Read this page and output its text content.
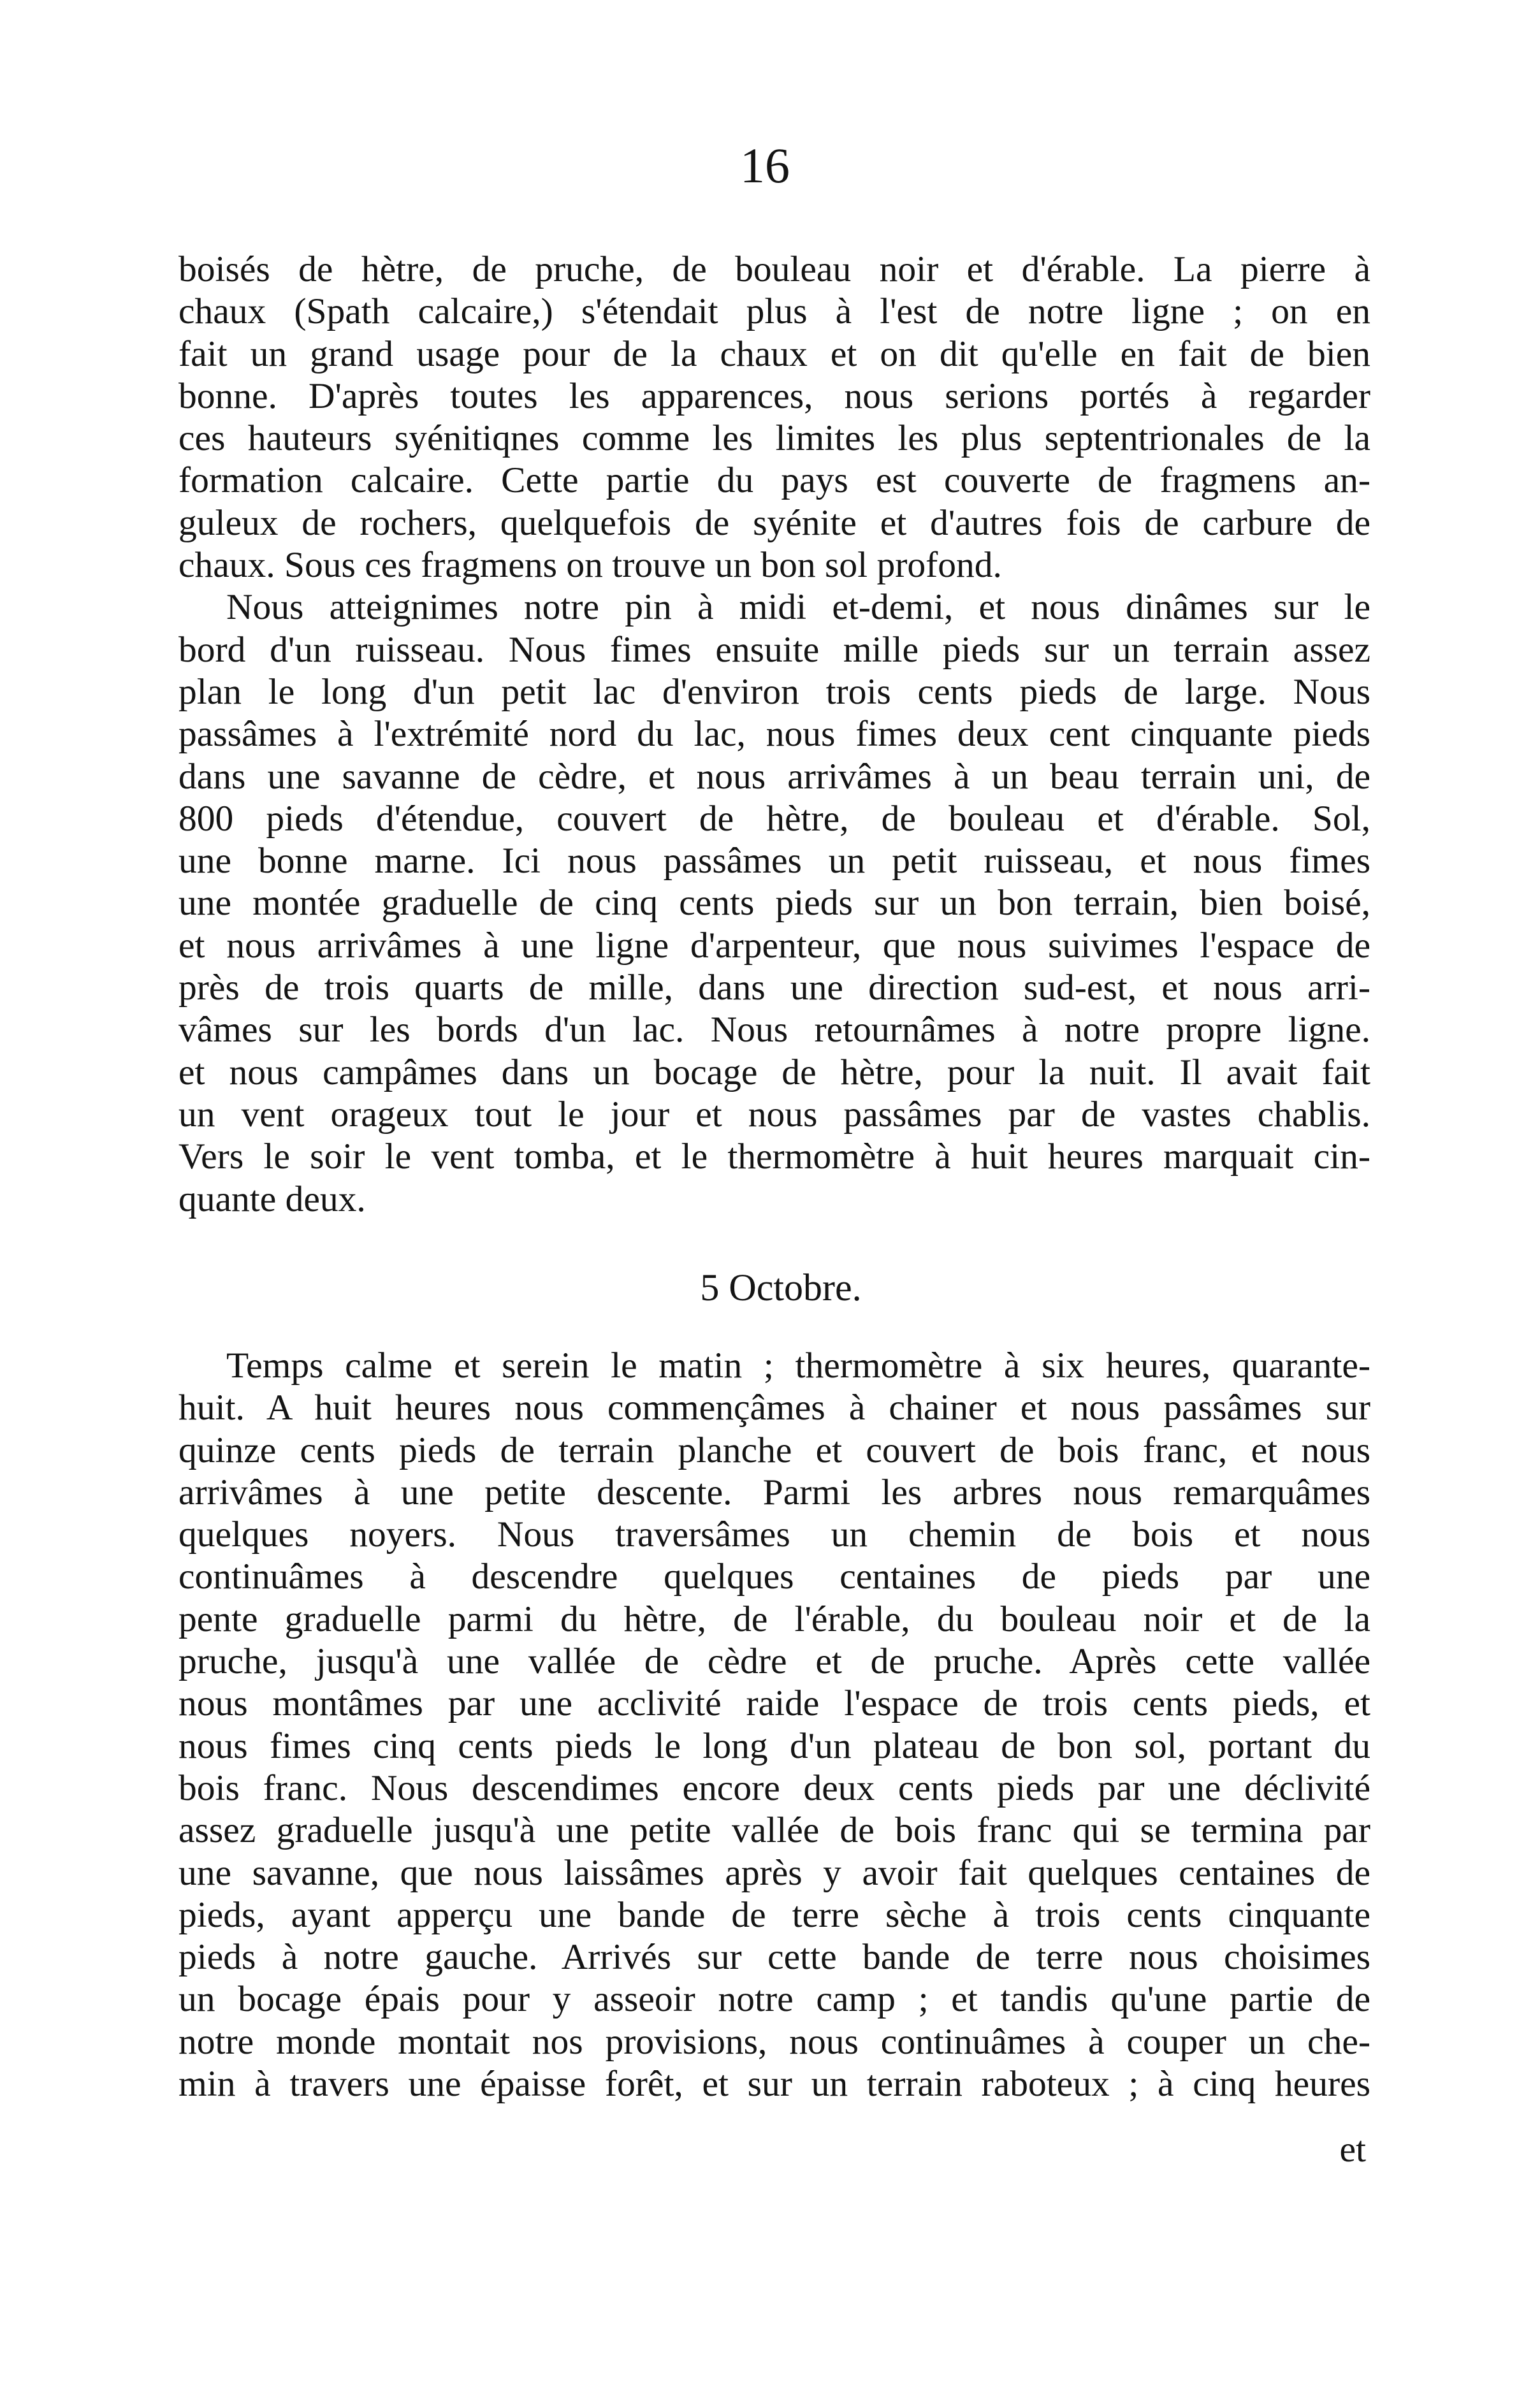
16
boisés de hètre, de pruche, de bouleau noir et d'érable. La pierre à
chaux (Spath calcaire,) s'étendait plus à l'est de notre ligne ; on en
fait un grand usage pour de la chaux et on dit qu'elle en fait de bien
bonne. D'après toutes les apparences, nous serions portés à regarder
ces hauteurs syénitiqnes comme les limites les plus septentrionales de la
formation calcaire. Cette partie du pays est couverte de fragmens an-
guleux de rochers, quelquefois de syénite et d'autres fois de carbure de
chaux. Sous ces fragmens on trouve un bon sol profond.
Nous atteignimes notre pin à midi et-demi, et nous dinâmes sur le
bord d'un ruisseau. Nous fimes ensuite mille pieds sur un terrain assez
plan le long d'un petit lac d'environ trois cents pieds de large. Nous
passâmes à l'extrémité nord du lac, nous fimes deux cent cinquante pieds
dans une savanne de cèdre, et nous arrivâmes à un beau terrain uni, de
800 pieds d'étendue, couvert de hètre, de bouleau et d'érable. Sol,
une bonne marne. Ici nous passâmes un petit ruisseau, et nous fimes
une montée graduelle de cinq cents pieds sur un bon terrain, bien boisé,
et nous arrivâmes à une ligne d'arpenteur, que nous suivimes l'espace de
près de trois quarts de mille, dans une direction sud-est, et nous arri-
vâmes sur les bords d'un lac. Nous retournâmes à notre propre ligne.
et nous campâmes dans un bocage de hètre, pour la nuit. Il avait fait
un vent orageux tout le jour et nous passâmes par de vastes chablis.
Vers le soir le vent tomba, et le thermomètre à huit heures marquait cin-
quante deux.
5 Octobre.
Temps calme et serein le matin ; thermomètre à six heures, quarante-
huit. A huit heures nous commençâmes à chainer et nous passâmes sur
quinze cents pieds de terrain planche et couvert de bois franc, et nous
arrivâmes à une petite descente. Parmi les arbres nous remarquâmes
quelques noyers. Nous traversâmes un chemin de bois et nous
continuâmes à descendre quelques centaines de pieds par une
pente graduelle parmi du hètre, de l'érable, du bouleau noir et de la
pruche, jusqu'à une vallée de cèdre et de pruche. Après cette vallée
nous montâmes par une acclivité raide l'espace de trois cents pieds, et
nous fimes cinq cents pieds le long d'un plateau de bon sol, portant du
bois franc. Nous descendimes encore deux cents pieds par une déclivité
assez graduelle jusqu'à une petite vallée de bois franc qui se termina par
une savanne, que nous laissâmes après y avoir fait quelques centaines de
pieds, ayant apperçu une bande de terre sèche à trois cents cinquante
pieds à notre gauche. Arrivés sur cette bande de terre nous choisimes
un bocage épais pour y asseoir notre camp ; et tandis qu'une partie de
notre monde montait nos provisions, nous continuâmes à couper un che-
min à travers une épaisse forêt, et sur un terrain raboteux ; à cinq heures
et
